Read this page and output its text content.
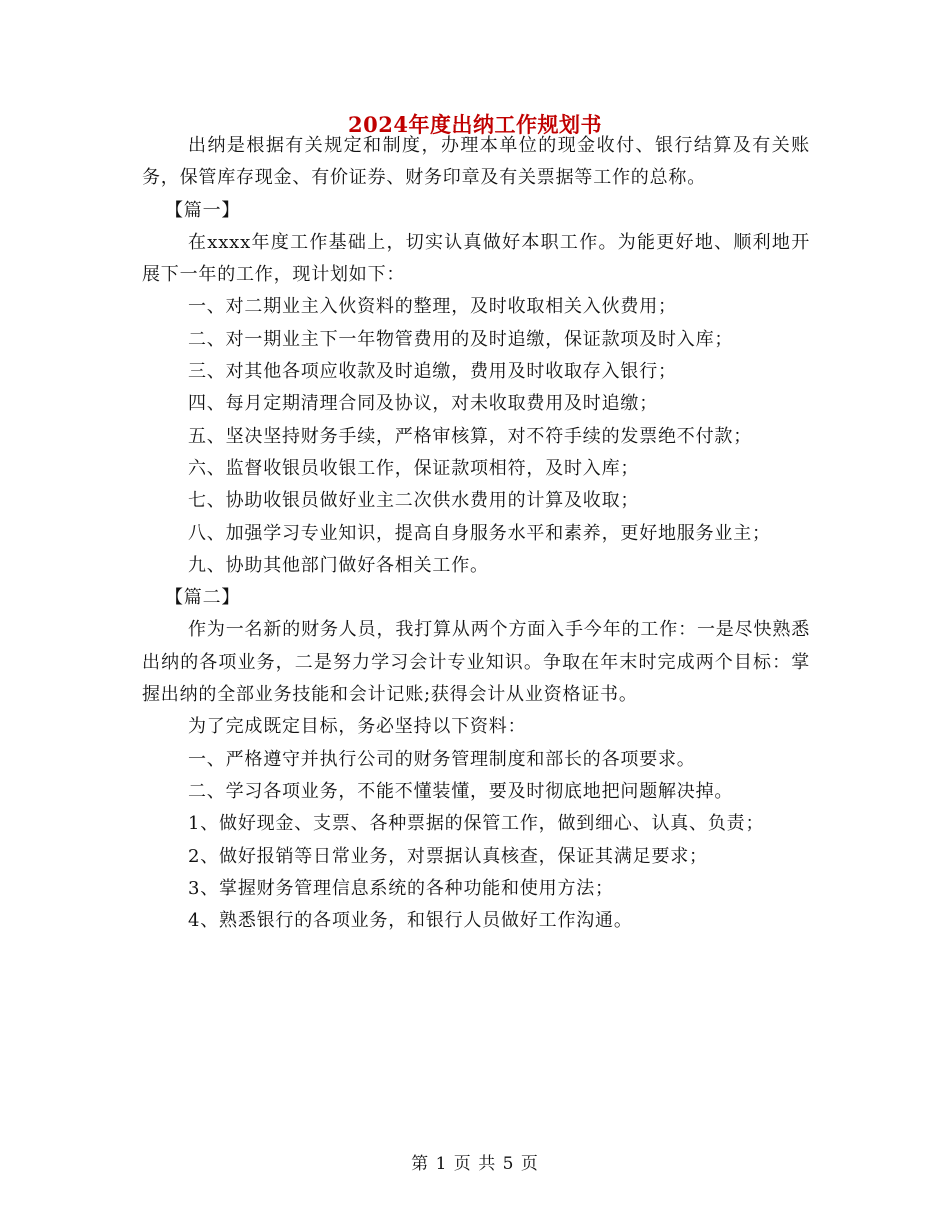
2024年度出纳工作规划书

出纳是根据有关规定和制度，办理本单位的现金收付、银行结算及有关账务，保管库存现金、有价证券、财务印章及有关票据等工作的总称。

【篇一】

在xxxx年度工作基础上，切实认真做好本职工作。为能更好地、顺利地开展下一年的工作，现计划如下：

一、对二期业主入伙资料的整理，及时收取相关入伙费用；

二、对一期业主下一年物管费用的及时追缴，保证款项及时入库；

三、对其他各项应收款及时追缴，费用及时收取存入银行；

四、每月定期清理合同及协议，对未收取费用及时追缴；

五、坚决坚持财务手续，严格审核算，对不符手续的发票绝不付款；

六、监督收银员收银工作，保证款项相符，及时入库；

七、协助收银员做好业主二次供水费用的计算及收取；

八、加强学习专业知识，提高自身服务水平和素养，更好地服务业主；

九、协助其他部门做好各相关工作。

【篇二】

作为一名新的财务人员，我打算从两个方面入手今年的工作：一是尽快熟悉出纳的各项业务，二是努力学习会计专业知识。争取在年末时完成两个目标：掌握出纳的全部业务技能和会计记账;获得会计从业资格证书。

为了完成既定目标，务必坚持以下资料：

一、严格遵守并执行公司的财务管理制度和部长的各项要求。

二、学习各项业务，不能不懂装懂，要及时彻底地把问题解决掉。

1、做好现金、支票、各种票据的保管工作，做到细心、认真、负责；

2、做好报销等日常业务，对票据认真核查，保证其满足要求；

3、掌握财务管理信息系统的各种功能和使用方法；

4、熟悉银行的各项业务，和银行人员做好工作沟通。

第 1 页 共 5 页
